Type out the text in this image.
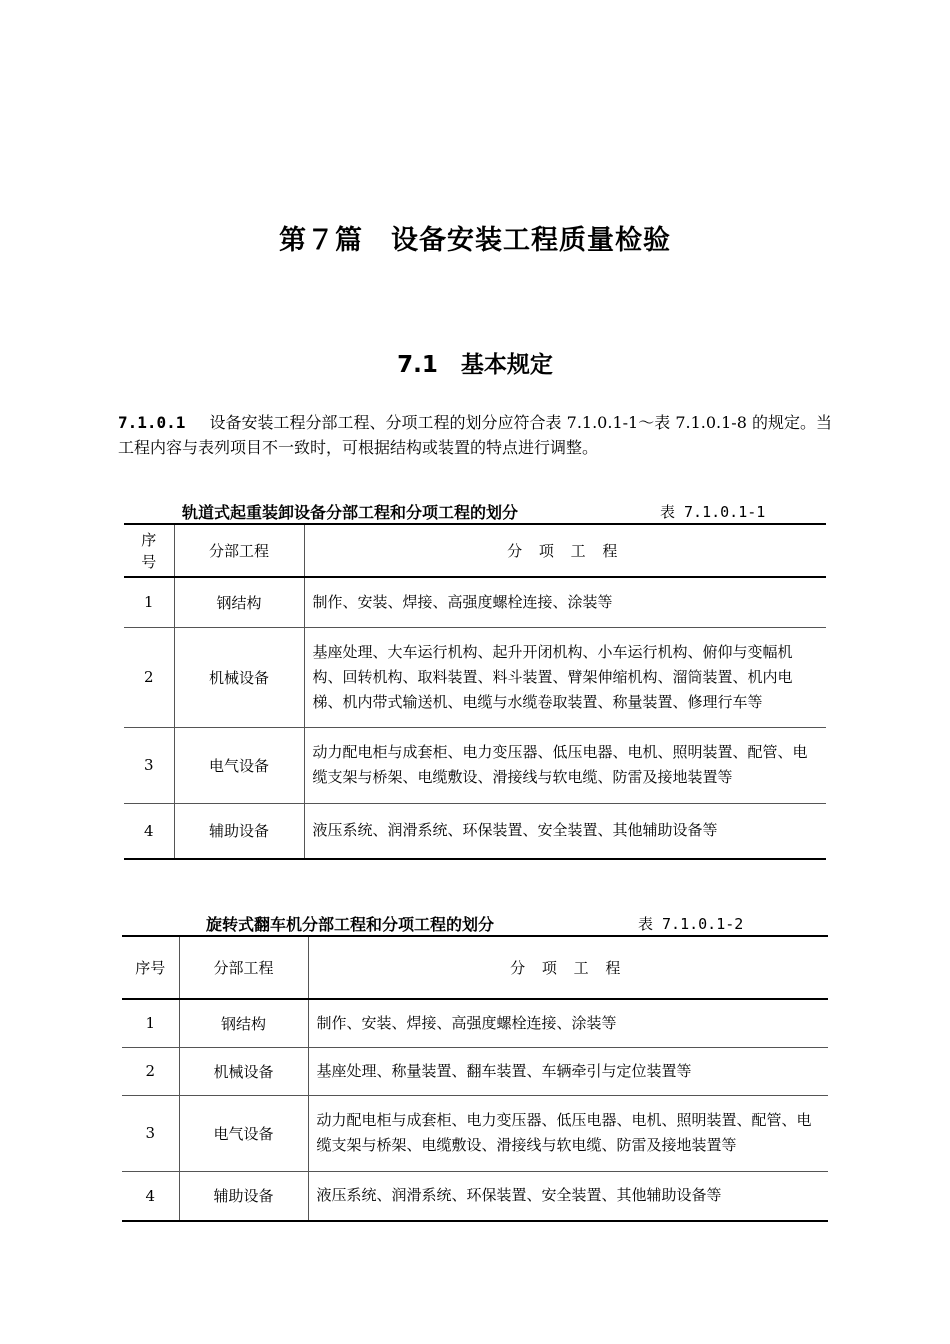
第７篇　设备安装工程质量检验
7.1　基本规定
7.1.0.1 设备安装工程分部工程、分项工程的划分应符合表 7.1.0.1-1～表 7.1.0.1-8 的规定。当工程内容与表列项目不一致时，可根据结构或装置的特点进行调整。
轨道式起重装卸设备分部工程和分项工程的划分	表 7.1.0.1-1
序号	分部工程	分 项 工 程
1	钢结构	制作、安装、焊接、高强度螺栓连接、涂装等
2	机械设备	基座处理、大车运行机构、起升开闭机构、小车运行机构、俯仰与变幅机构、回转机构、取料装置、料斗装置、臂架伸缩机构、溜筒装置、机内电梯、机内带式输送机、电缆与水缆卷取装置、称量装置、修理行车等
3	电气设备	动力配电柜与成套柜、电力变压器、低压电器、电机、照明装置、配管、电缆支架与桥架、电缆敷设、滑接线与软电缆、防雷及接地装置等
4	辅助设备	液压系统、润滑系统、环保装置、安全装置、其他辅助设备等
旋转式翻车机分部工程和分项工程的划分	表 7.1.0.1-2
序号	分部工程	分 项 工 程
1	钢结构	制作、安装、焊接、高强度螺栓连接、涂装等
2	机械设备	基座处理、称量装置、翻车装置、车辆牵引与定位装置等
3	电气设备	动力配电柜与成套柜、电力变压器、低压电器、电机、照明装置、配管、电缆支架与桥架、电缆敷设、滑接线与软电缆、防雷及接地装置等
4	辅助设备	液压系统、润滑系统、环保装置、安全装置、其他辅助设备等
